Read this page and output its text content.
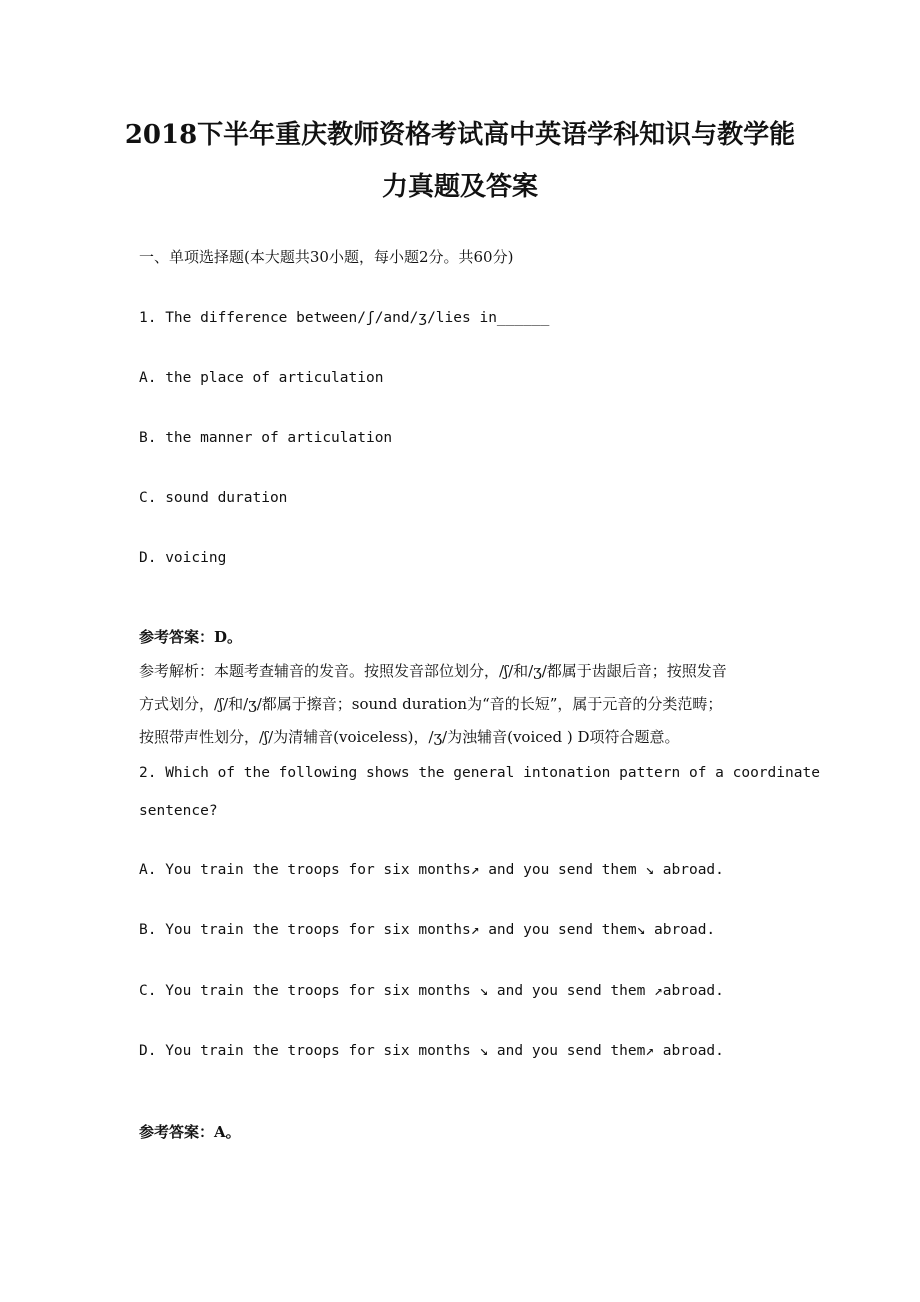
2018下半年重庆教师资格考试高中英语学科知识与教学能
力真题及答案
一、单项选择题(本大题共30小题，每小题2分。共60分)
1. The difference between/ʃ/and/ʒ/lies in______
A. the place of articulation
B. the manner of articulation
C. sound duration
D. voicing
参考答案：D。
参考解析：本题考查辅音的发音。按照发音部位划分，/ʃ/和/ʒ/都属于齿龈后音；按照发音
方式划分，/ʃ/和/ʒ/都属于擦音；sound duration为“音的长短”，属于元音的分类范畴；
按照带声性划分，/ʃ/为清辅音(voiceless)，/ʒ/为浊辅音(voiced ) D项符合题意。
2. Which of the following shows the general intonation pattern of a coordinate
sentence?
A. You train the troops for six months↗ and you send them ↘ abroad.
B. You train the troops for six months↗ and you send them↘ abroad.
C. You train the troops for six months ↘ and you send them ↗abroad.
D. You train the troops for six months ↘ and you send them↗ abroad.
参考答案：A。
